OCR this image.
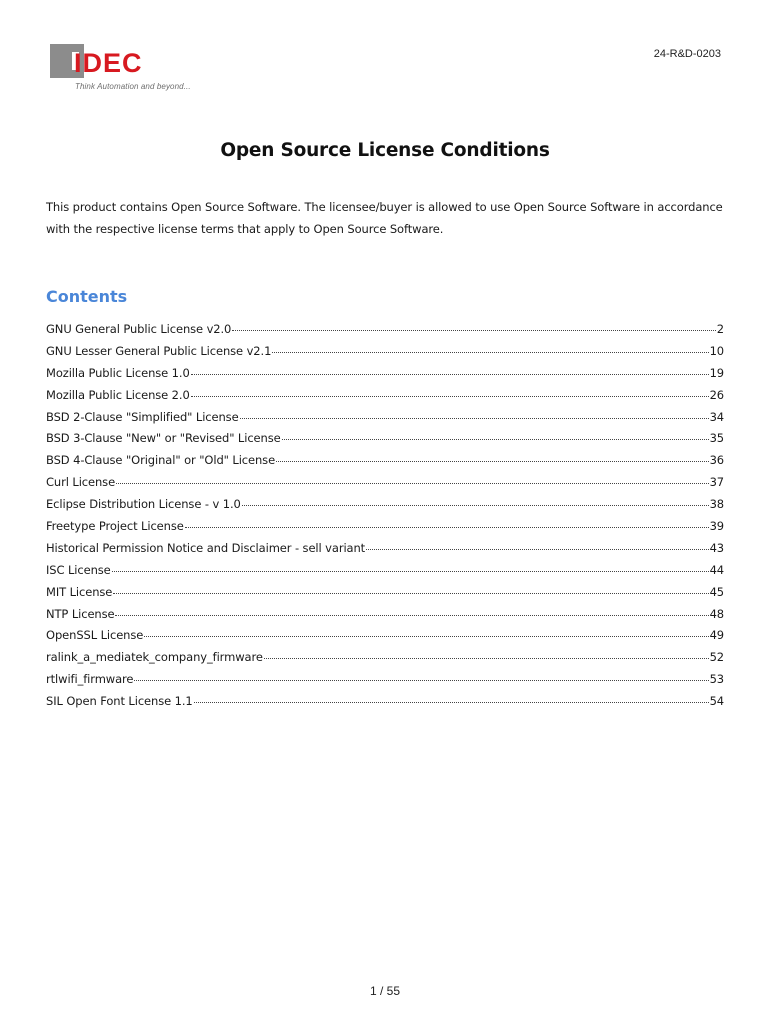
IDEC
Think Automation and beyond...
24-R&D-0203
Open Source License Conditions
This product contains Open Source Software. The licensee/buyer is allowed to use Open Source Software in accordance with the respective license terms that apply to Open Source Software.
Contents
GNU General Public License v2.0	2
GNU Lesser General Public License v2.1	10
Mozilla Public License 1.0	19
Mozilla Public License 2.0	26
BSD 2-Clause "Simplified" License	34
BSD 3-Clause "New" or "Revised" License	35
BSD 4-Clause "Original" or "Old" License	36
Curl License	37
Eclipse Distribution License - v 1.0	38
Freetype Project License	39
Historical Permission Notice and Disclaimer - sell variant	43
ISC License	44
MIT License	45
NTP License	48
OpenSSL License	49
ralink_a_mediatek_company_firmware	52
rtlwifi_firmware	53
SIL Open Font License 1.1	54
1 / 55
